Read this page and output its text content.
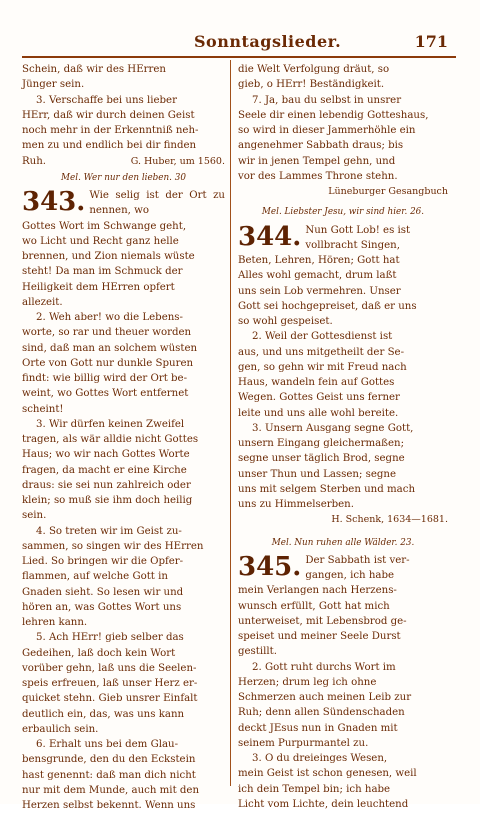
Sonntagslieder.	171
Schein, daß wir des HErren
Jünger sein.
3. Verschaffe bei uns lieber
HErr, daß wir durch deinen Geist
noch mehr in der Erkenntniß neh-
men zu und endlich bei dir finden
Ruh.	G. Huber, um 1560.
Mel. Wer nur den lieben. 30
343. Wie selig ist der Ort zu nennen, wo
Gottes Wort im Schwange geht,
wo Licht und Recht ganz helle
brennen, und Zion niemals wüste
steht! Da man im Schmuck der
Heiligkeit dem HErren opfert
allezeit.
2. Weh aber! wo die Lebens-
worte, so rar und theuer worden
sind, daß man an solchem wüsten
Orte von Gott nur dunkle Spuren
findt: wie billig wird der Ort be-
weint, wo Gottes Wort entfernet
scheint!
3. Wir dürfen keinen Zweifel
tragen, als wär alldie nicht Gottes
Haus; wo wir nach Gottes Worte
fragen, da macht er eine Kirche
draus: sie sei nun zahlreich oder
klein; so muß sie ihm doch heilig
sein.
4. So treten wir im Geist zu-
sammen, so singen wir des HErren
Lied. So bringen wir die Opfer-
flammen, auf welche Gott in
Gnaden sieht. So lesen wir und
hören an, was Gottes Wort uns
lehren kann.
5. Ach HErr! gieb selber das
Gedeihen, laß doch kein Wort
vorüber gehn, laß uns die Seelen-
speis erfreuen, laß unser Herz er-
quicket stehn. Gieb unsrer Einfalt
deutlich ein, das, was uns kann
erbaulich sein.
6. Erhalt uns bei dem Glau-
bensgrunde, den du den Eckstein
hast genennt: daß man dich nicht
nur mit dem Munde, auch mit den
Herzen selbst bekennt. Wenn uns
die Welt Verfolgung dräut, so
gieb, o HErr! Beständigkeit.
7. Ja, bau du selbst in unsrer
Seele dir einen lebendig Gotteshaus,
so wird in dieser Jammerhöhle ein
angenehmer Sabbath draus; bis
wir in jenen Tempel gehn, und
vor des Lammes Throne stehn.
Lüneburger Gesangbuch
Mel. Liebster Jesu, wir sind hier. 26.
344. Nun Gott Lob! es ist
vollbracht Singen,
Beten, Lehren, Hören; Gott hat
Alles wohl gemacht, drum laßt
uns sein Lob vermehren. Unser
Gott sei hochgepreiset, daß er uns
so wohl gespeiset.
2. Weil der Gottesdienst ist
aus, und uns mitgetheilt der Se-
gen, so gehn wir mit Freud nach
Haus, wandeln fein auf Gottes
Wegen. Gottes Geist uns ferner
leite und uns alle wohl bereite.
3. Unsern Ausgang segne Gott,
unsern Eingang gleichermaßen;
segne unser täglich Brod, segne
unser Thun und Lassen; segne
uns mit selgem Sterben und mach
uns zu Himmelserben.
H. Schenk, 1634—1681.
Mel. Nun ruhen alle Wälder. 23.
345. Der Sabbath ist ver-
gangen, ich habe
mein Verlangen nach Herzens-
wunsch erfüllt, Gott hat mich
unterweiset, mit Lebensbrod ge-
speiset und meiner Seele Durst
gestillt.
2. Gott ruht durchs Wort im
Herzen; drum leg ich ohne
Schmerzen auch meinen Leib zur
Ruh; denn allen Sündenschaden
deckt JEsus nun in Gnaden mit
seinem Purpurmantel zu.
3. O du dreieinges Wesen,
mein Geist ist schon genesen, weil
ich dein Tempel bin; ich habe
Licht vom Lichte, dein leuchtend
